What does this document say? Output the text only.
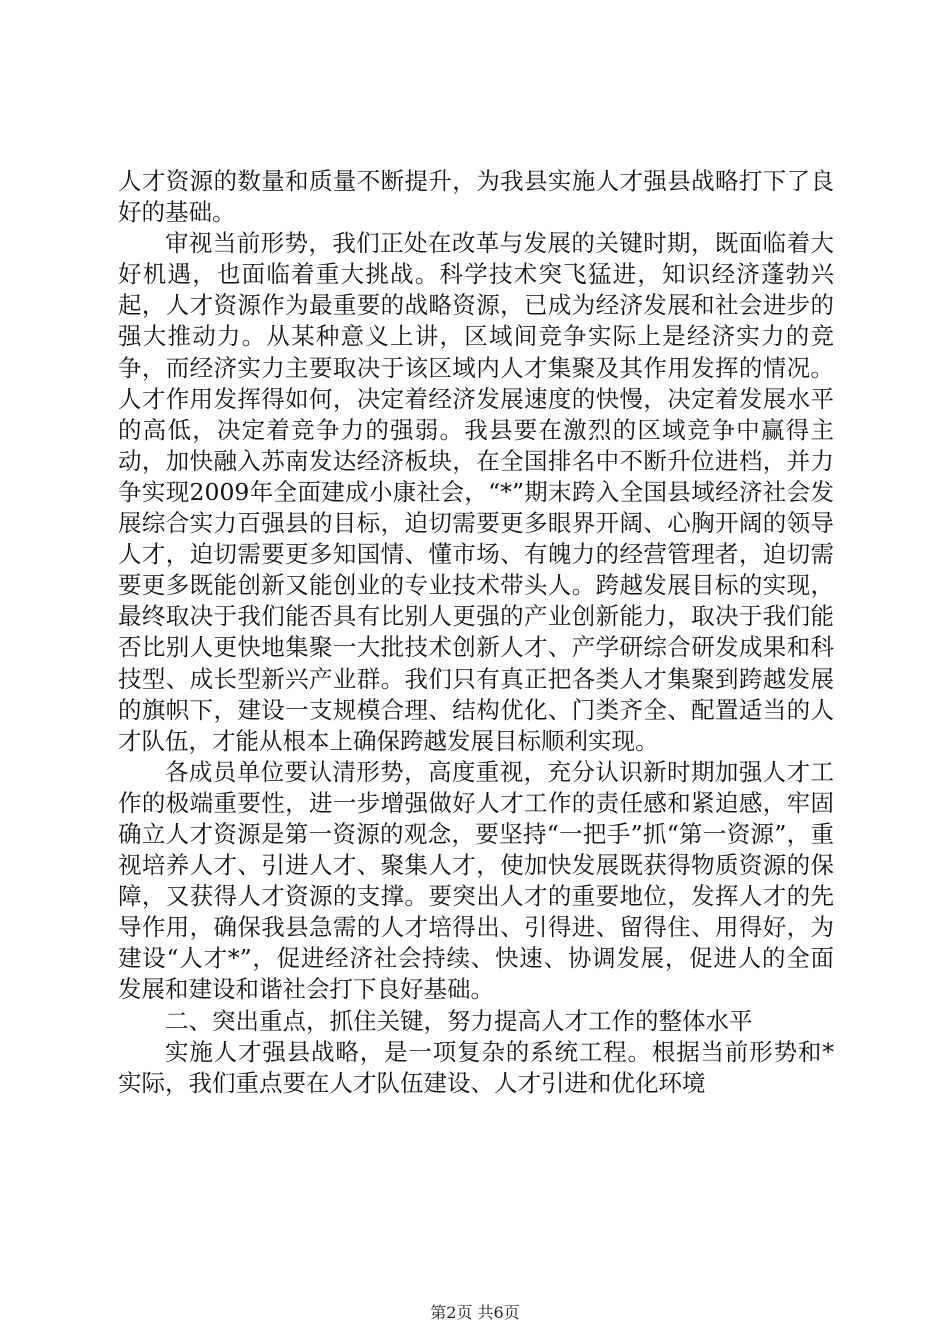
人才资源的数量和质量不断提升，为我县实施人才强县战略打下了良好的基础。

审视当前形势，我们正处在改革与发展的关键时期，既面临着大好机遇，也面临着重大挑战。科学技术突飞猛进，知识经济蓬勃兴起，人才资源作为最重要的战略资源，已成为经济发展和社会进步的强大推动力。从某种意义上讲，区域间竞争实际上是经济实力的竞争，而经济实力主要取决于该区域内人才集聚及其作用发挥的情况。人才作用发挥得如何，决定着经济发展速度的快慢，决定着发展水平的高低，决定着竞争力的强弱。我县要在激烈的区域竞争中赢得主动，加快融入苏南发达经济板块，在全国排名中不断升位进档，并力争实现2009年全面建成小康社会，“*”期末跨入全国县域经济社会发展综合实力百强县的目标，迫切需要更多眼界开阔、心胸开阔的领导人才，迫切需要更多知国情、懂市场、有魄力的经营管理者，迫切需要更多既能创新又能创业的专业技术带头人。跨越发展目标的实现，最终取决于我们能否具有比别人更强的产业创新能力，取决于我们能否比别人更快地集聚一大批技术创新人才、产学研综合研发成果和科技型、成长型新兴产业群。我们只有真正把各类人才集聚到跨越发展的旗帜下，建设一支规模合理、结构优化、门类齐全、配置适当的人才队伍，才能从根本上确保跨越发展目标顺利实现。

各成员单位要认清形势，高度重视，充分认识新时期加强人才工作的极端重要性，进一步增强做好人才工作的责任感和紧迫感，牢固确立人才资源是第一资源的观念，要坚持“一把手”抓“第一资源”，重视培养人才、引进人才、聚集人才，使加快发展既获得物质资源的保障，又获得人才资源的支撑。要突出人才的重要地位，发挥人才的先导作用，确保我县急需的人才培得出、引得进、留得住、用得好，为建设“人才*”，促进经济社会持续、快速、协调发展，促进人的全面发展和建设和谐社会打下良好基础。

二、突出重点，抓住关键，努力提高人才工作的整体水平

实施人才强县战略，是一项复杂的系统工程。根据当前形势和*实际，我们重点要在人才队伍建设、人才引进和优化环境

第2页 共6页
